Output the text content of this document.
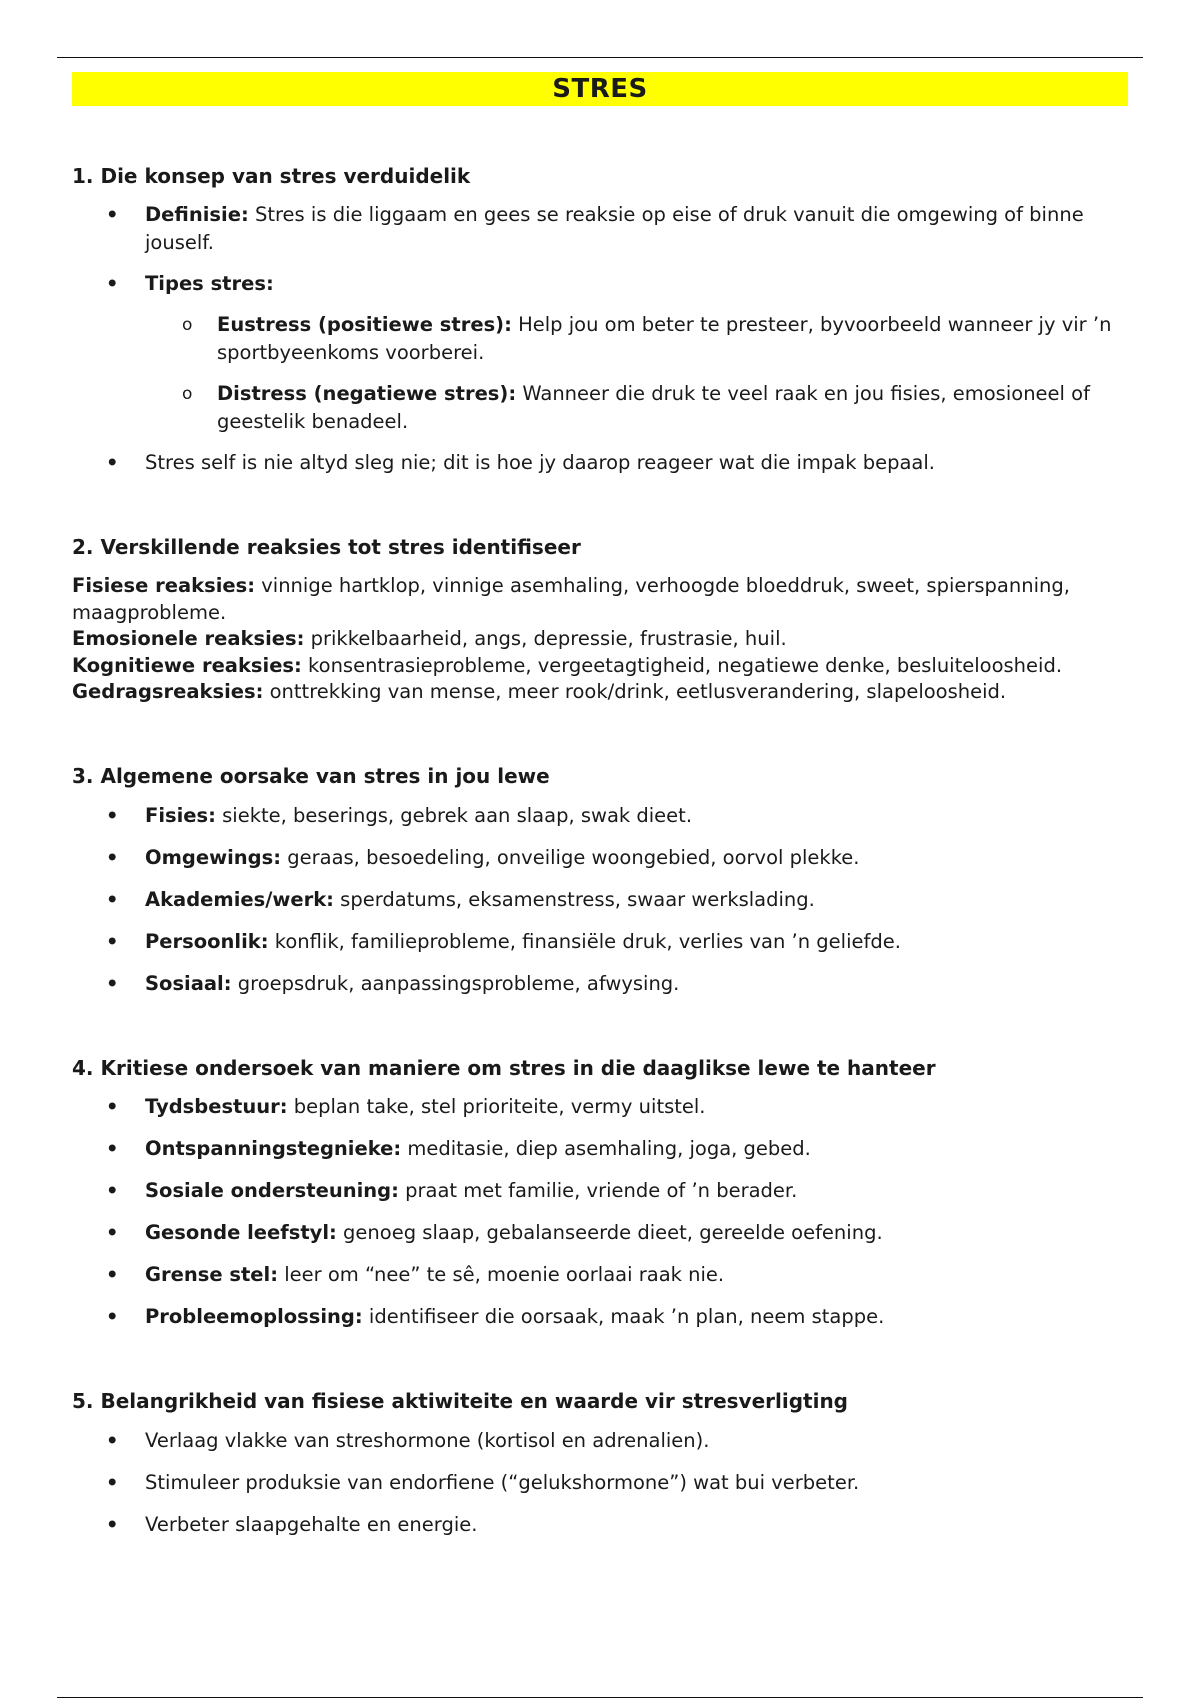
STRES
1. Die konsep van stres verduidelik
• Definisie: Stres is die liggaam en gees se reaksie op eise of druk vanuit die omgewing of binne jouself.
• Tipes stres:
o Eustress (positiewe stres): Help jou om beter te presteer, byvoorbeeld wanneer jy vir ’n sportbyeenkoms voorberei.
o Distress (negatiewe stres): Wanneer die druk te veel raak en jou fisies, emosioneel of geestelik benadeel.
• Stres self is nie altyd sleg nie; dit is hoe jy daarop reageer wat die impak bepaal.
2. Verskillende reaksies tot stres identifiseer
Fisiese reaksies: vinnige hartklop, vinnige asemhaling, verhoogde bloeddruk, sweet, spierspanning, maagprobleme.
Emosionele reaksies: prikkelbaarheid, angs, depressie, frustrasie, huil.
Kognitiewe reaksies: konsentrasieprobleme, vergeetagtigheid, negatiewe denke, besluiteloosheid.
Gedragsreaksies: onttrekking van mense, meer rook/drink, eetlusverandering, slapeloosheid.
3. Algemene oorsake van stres in jou lewe
• Fisies: siekte, beserings, gebrek aan slaap, swak dieet.
• Omgewings: geraas, besoedeling, onveilige woongebied, oorvol plekke.
• Akademies/werk: sperdatums, eksamenstress, swaar werkslading.
• Persoonlik: konflik, familieprobleme, finansiële druk, verlies van ’n geliefde.
• Sosiaal: groepsdruk, aanpassingsprobleme, afwysing.
4. Kritiese ondersoek van maniere om stres in die daaglikse lewe te hanteer
• Tydsbestuur: beplan take, stel prioriteite, vermy uitstel.
• Ontspanningstegnieke: meditasie, diep asemhaling, joga, gebed.
• Sosiale ondersteuning: praat met familie, vriende of ’n berader.
• Gesonde leefstyl: genoeg slaap, gebalanseerde dieet, gereelde oefening.
• Grense stel: leer om “nee” te sê, moenie oorlaai raak nie.
• Probleemoplossing: identifiseer die oorsaak, maak ’n plan, neem stappe.
5. Belangrikheid van fisiese aktiwiteite en waarde vir stresverligting
• Verlaag vlakke van streshormone (kortisol en adrenalien).
• Stimuleer produksie van endorfiene (“gelukshormone”) wat bui verbeter.
• Verbeter slaapgehalte en energie.
